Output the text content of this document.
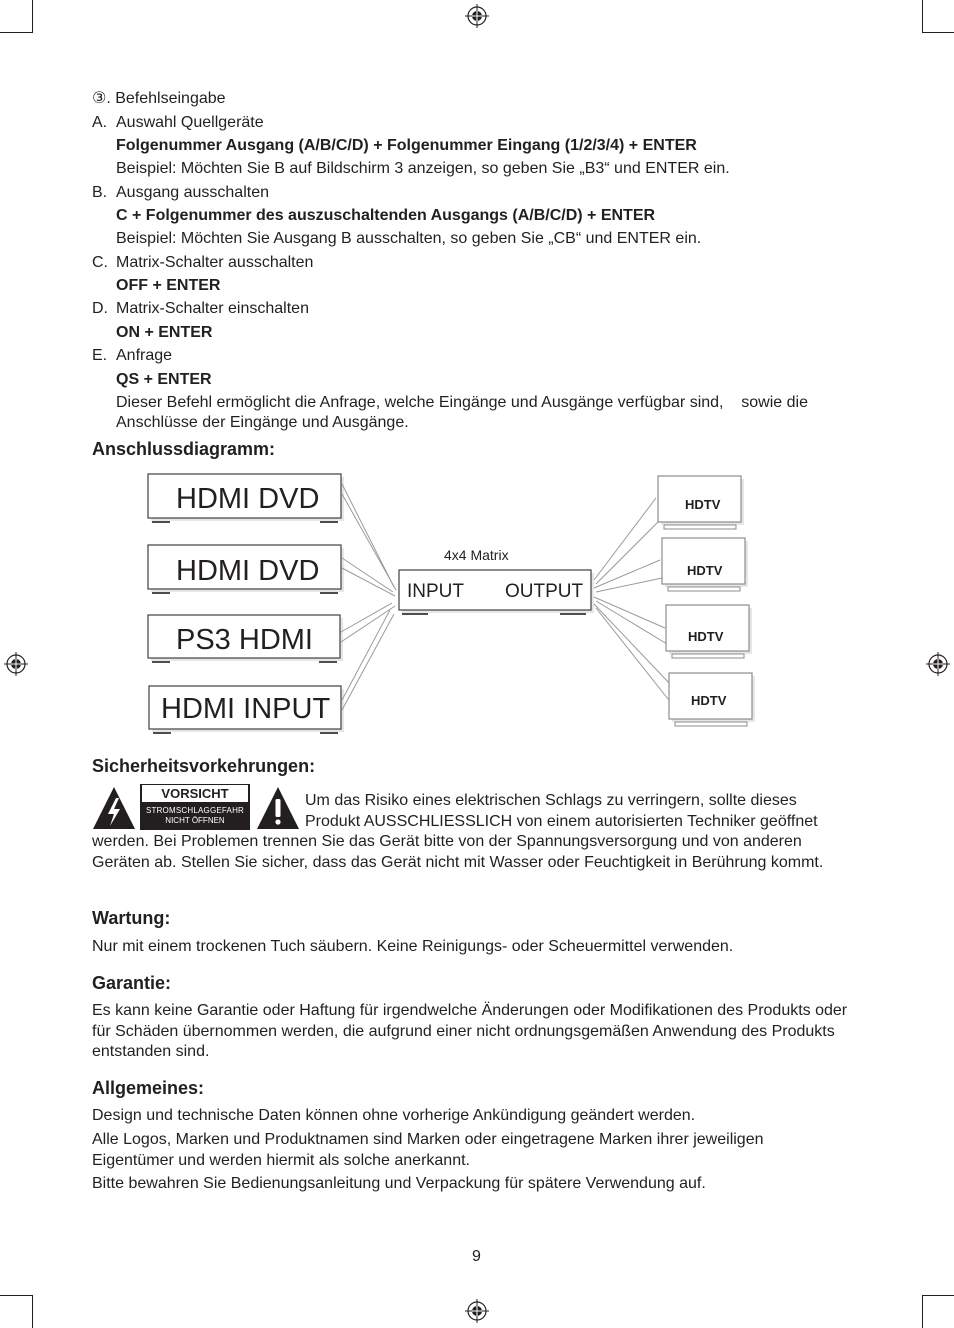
③. Befehlseingabe
A. Auswahl Quellgeräte
Folgenummer Ausgang (A/B/C/D) + Folgenummer Eingang (1/2/3/4) + ENTER
Beispiel: Möchten Sie B auf Bildschirm 3 anzeigen, so geben Sie „B3“ und ENTER ein.
B. Ausgang ausschalten
C + Folgenummer des auszuschaltenden Ausgangs (A/B/C/D) + ENTER
Beispiel: Möchten Sie Ausgang B ausschalten, so geben Sie „CB“ und ENTER ein.
C. Matrix-Schalter ausschalten
OFF + ENTER
D. Matrix-Schalter einschalten
ON + ENTER
E. Anfrage
QS + ENTER
Dieser Befehl ermöglicht die Anfrage, welche Eingänge und Ausgänge verfügbar sind,    sowie die Anschlüsse der Eingänge und Ausgänge.
Anschlussdiagramm:
HDMI DVD
HDMI DVD
PS3 HDMI
HDMI INPUT
4x4 Matrix
INPUT OUTPUT
HDTV
HDTV
HDTV
HDTV
Sicherheitsvorkehrungen:
VORSICHT
STROMSCHLAGGEFAHR
NICHT ÖFFNEN
Um das Risiko eines elektrischen Schlags zu verringern, sollte dieses
Produkt AUSSCHLIESSLICH von einem autorisierten Techniker geöffnet
werden. Bei Problemen trennen Sie das Gerät bitte von der Spannungsversorgung und von anderen Geräten ab. Stellen Sie sicher, dass das Gerät nicht mit Wasser oder Feuchtigkeit in Berührung kommt.
Wartung:
Nur mit einem trockenen Tuch säubern. Keine Reinigungs- oder Scheuermittel verwenden.
Garantie:
Es kann keine Garantie oder Haftung für irgendwelche Änderungen oder Modifikationen des Produkts oder für Schäden übernommen werden, die aufgrund einer nicht ordnungsgemäßen Anwendung des Produkts entstanden sind.
Allgemeines:
Design und technische Daten können ohne vorherige Ankündigung geändert werden.
Alle Logos, Marken und Produktnamen sind Marken oder eingetragene Marken ihrer jeweiligen Eigentümer und werden hiermit als solche anerkannt.
Bitte bewahren Sie Bedienungsanleitung und Verpackung für spätere Verwendung auf.
9
